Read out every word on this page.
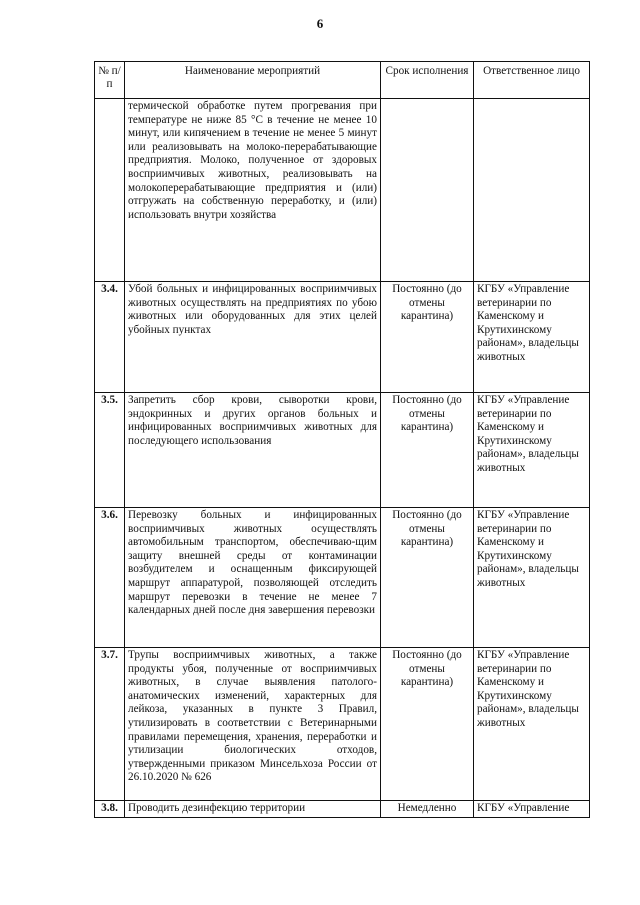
6
№ п/п	Наименование мероприятий	Срок исполнения	Ответственное лицо
	термической обработке путем прогревания при температуре не ниже 85 °С в течение не менее 10 минут, или кипячением в течение не менее 5 минут или реализовывать на молоко-перерабатывающие предприятия. Молоко, полученное от здоровых восприимчивых животных, реализовывать на молокоперерабатывающие предприятия и (или) отгружать на собственную переработку, и (или) использовать внутри хозяйства		
3.4.	Убой больных и инфицированных восприимчивых животных осуществлять на предприятиях по убою животных или оборудованных для этих целей убойных пунктах	Постоянно (до отмены карантина)	КГБУ «Управление ветеринарии по Каменскому и Крутихинскому районам», владельцы животных
3.5.	Запретить сбор крови, сыворотки крови, эндокринных и других органов больных и инфицированных восприимчивых животных для последующего использования	Постоянно (до отмены карантина)	КГБУ «Управление ветеринарии по Каменскому и Крутихинскому районам», владельцы животных
3.6.	Перевозку больных и инфицированных восприимчивых животных осуществлять автомобильным транспортом, обеспечиваю-щим защиту внешней среды от контаминации возбудителем и оснащенным фиксирующей маршрут аппаратурой, позволяющей отследить маршрут перевозки в течение не менее 7 календарных дней после дня завершения перевозки	Постоянно (до отмены карантина)	КГБУ «Управление ветеринарии по Каменскому и Крутихинскому районам», владельцы животных
3.7.	Трупы восприимчивых животных, а также продукты убоя, полученные от восприимчивых животных, в случае выявления патолого-анатомических изменений, характерных для лейкоза, указанных в пункте 3 Правил, утилизировать в соответствии с Ветеринарными правилами перемещения, хранения, переработки и утилизации биологических отходов, утвержденными приказом Минсельхоза России от 26.10.2020 № 626	Постоянно (до отмены карантина)	КГБУ «Управление ветеринарии по Каменскому и Крутихинскому районам», владельцы животных
3.8.	Проводить дезинфекцию территории	Немедленно	КГБУ «Управление
